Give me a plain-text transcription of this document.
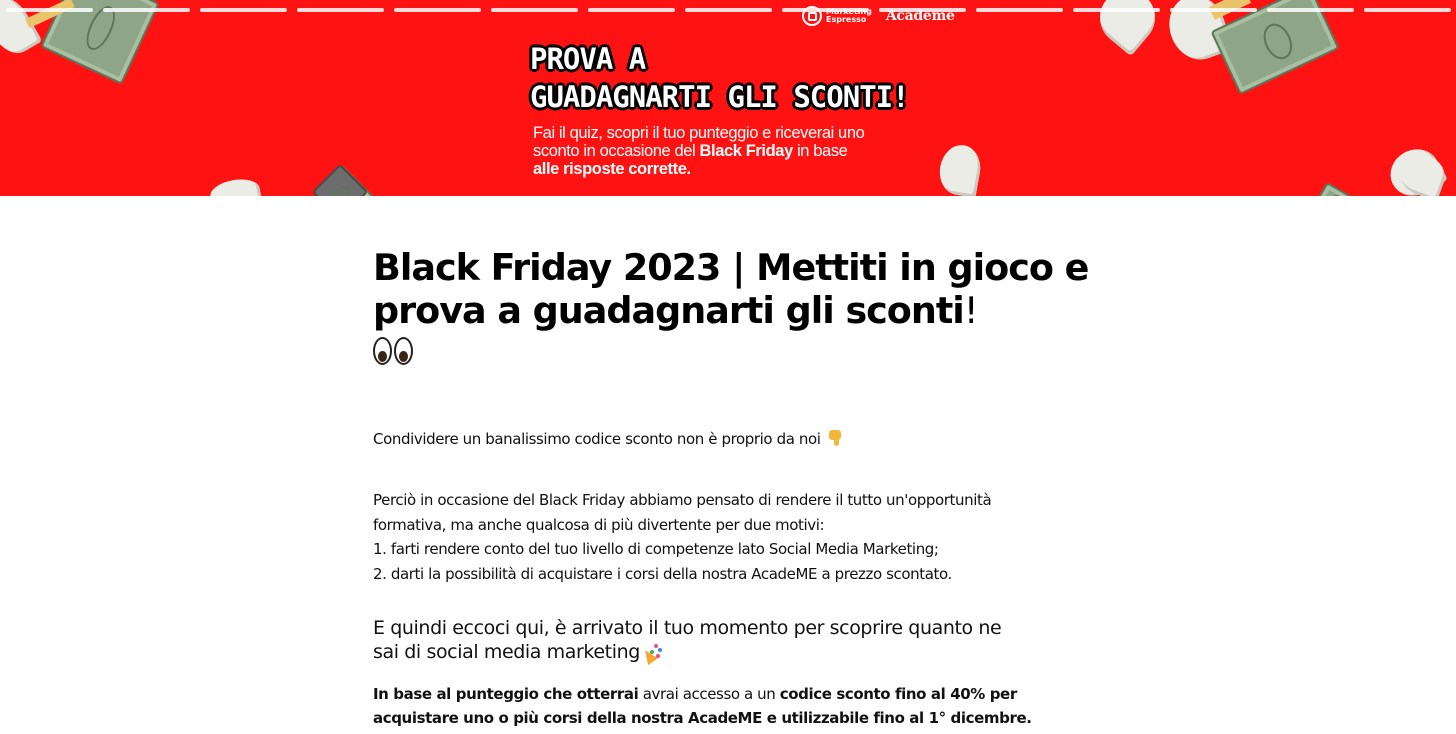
Marketing
Espresso	Academe
PROVA A
GUADAGNARTI GLI SCONTI!

Fai il quiz, scopri il tuo punteggio e riceverai uno sconto in occasione del Black Friday in base
alle risposte corrette.

Black Friday 2023 | Mettiti in gioco e prova a guadagnarti gli sconti!

Condividere un banalissimo codice sconto non è proprio da noi

Perciò in occasione del Black Friday abbiamo pensato di rendere il tutto un'opportunità
formativa, ma anche qualcosa di più divertente per due motivi:
1. farti rendere conto del tuo livello di competenze lato Social Media Marketing;
2. darti la possibilità di acquistare i corsi della nostra AcadeME a prezzo scontato.

E quindi eccoci qui, è arrivato il tuo momento per scoprire quanto ne
sai di social media marketing

In base al punteggio che otterrai avrai accesso a un codice sconto fino al 40% per
acquistare uno o più corsi della nostra AcadeME e utilizzabile fino al 1° dicembre.
